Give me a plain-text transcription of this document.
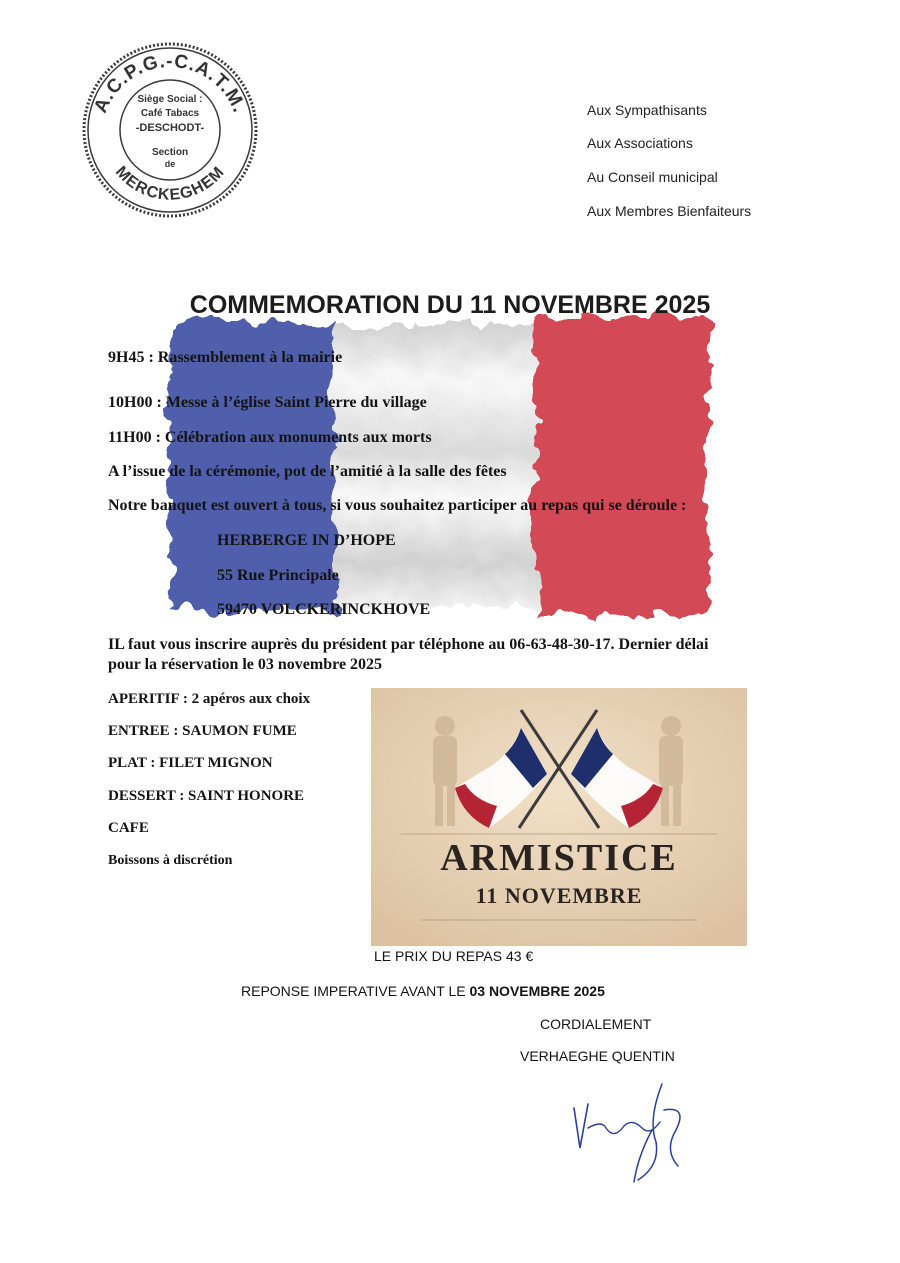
A.C.P.G.-C.A.T.M.
MERCKEGHEM
Siège Social :
Café Tabacs
-DESCHODT-
Section
de
Aux Sympathisants
Aux Associations
Au Conseil municipal
Aux Membres Bienfaiteurs
COMMEMORATION DU 11 NOVEMBRE 2025
9H45 : Rassemblement à la mairie
10H00 : Messe à l’église Saint Pierre du village
11H00 : Célébration aux monuments aux morts
A l’issue de la cérémonie, pot de l’amitié à la salle des fêtes
Notre banquet est ouvert à tous, si vous souhaitez participer au repas qui se déroule :
HERBERGE IN D’HOPE
55 Rue Principale
59470 VOLCKERINCKHOVE
IL faut vous inscrire auprès du président par téléphone au 06-63-48-30-17. Dernier délai
pour la réservation le 03 novembre 2025
APERITIF : 2 apéros aux choix
ENTREE : SAUMON FUME
PLAT : FILET MIGNON
DESSERT : SAINT HONORE
CAFE
Boissons à discrétion	ARMISTICE
11 NOVEMBRE
LE PRIX DU REPAS 43 €
REPONSE IMPERATIVE AVANT LE 03 NOVEMBRE 2025
CORDIALEMENT
VERHAEGHE QUENTIN
